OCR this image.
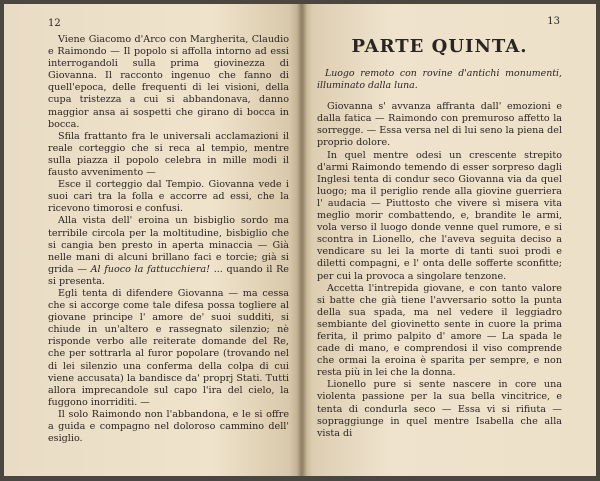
12

Viene Giacomo d'Arco con Margherita, Claudio e Raimondo — Il popolo si affolla intorno ad essi interrogandoli sulla prima giovinezza di Giovanna. Il racconto ingenuo che fanno di quell'epoca, delle frequenti di lei visioni, della cupa tristezza a cui si abbandonava, danno maggior ansa ai sospetti che girano di bocca in bocca.

Sfila frattanto fra le universali acclamazioni il reale corteggio che si reca al tempio, mentre sulla piazza il popolo celebra in mille modi il fausto avvenimento —

Esce il corteggio dal Tempio. Giovanna vede i suoi cari tra la folla e accorre ad essi, che la ricevono timorosi e confusi.

Alla vista dell' eroina un bisbiglio sordo ma terribile circola per la moltitudine, bisbiglio che si cangia ben presto in aperta minaccia — Già nelle mani di alcuni brillano faci e torcie; già si grida — Al fuoco la fattucchiera! ... quando il Re si presenta.

Egli tenta di difendere Giovanna — ma cessa che si accorge come tale difesa possa togliere al giovane principe l' amore de' suoi sudditi, si chiude in un'altero e rassegnato silenzio; nè risponde verbo alle reiterate domande del Re, che per sottrarla al furor popolare (trovando nel di lei silenzio una conferma della colpa di cui viene accusata) la bandisce da' proprj Stati. Tutti allora imprecandole sul capo l'ira del cielo, la fuggono inorriditi. —

Il solo Raimondo non l'abbandona, e le si offre a guida e compagno nel doloroso cammino dell' esiglio.

13
PARTE QUINTA.

Luogo remoto con rovine d'antichi monumenti, illuminato dalla luna.

Giovanna s' avvanza affranta dall' emozioni e dalla fatica — Raimondo con premuroso affetto la sorregge. — Essa versa nel di lui seno la piena del proprio dolore.

In quel mentre odesi un crescente strepito d'armi Raimondo temendo di esser sorpreso dagli Inglesi tenta di condur seco Giovanna via da quel luogo; ma il periglio rende alla giovine guerriera l' audacia — Piuttosto che vivere sì misera vita meglio morir combattendo, e, brandite le armi, vola verso il luogo donde venne quel rumore, e si scontra in Lionello, che l'aveva seguita deciso a vendicare su lei la morte di tanti suoi prodi e diletti compagni, e l' onta delle sofferte sconfitte; per cui la provoca a singolare tenzone.

Accetta l'intrepida giovane, e con tanto valore si batte che già tiene l'avversario sotto la punta della sua spada, ma nel vedere il leggiadro sembiante del giovinetto sente in cuore la prima ferita, il primo palpito d' amore — La spada le cade di mano, e comprendosi il viso comprende che ormai la eroina è sparita per sempre, e non resta più in lei che la donna.

Lionello pure si sente nascere in core una violenta passione per la sua bella vincitrice, e tenta di condurla seco — Essa vi si rifiuta — sopraggiunge in quel mentre Isabella che alla vista di
